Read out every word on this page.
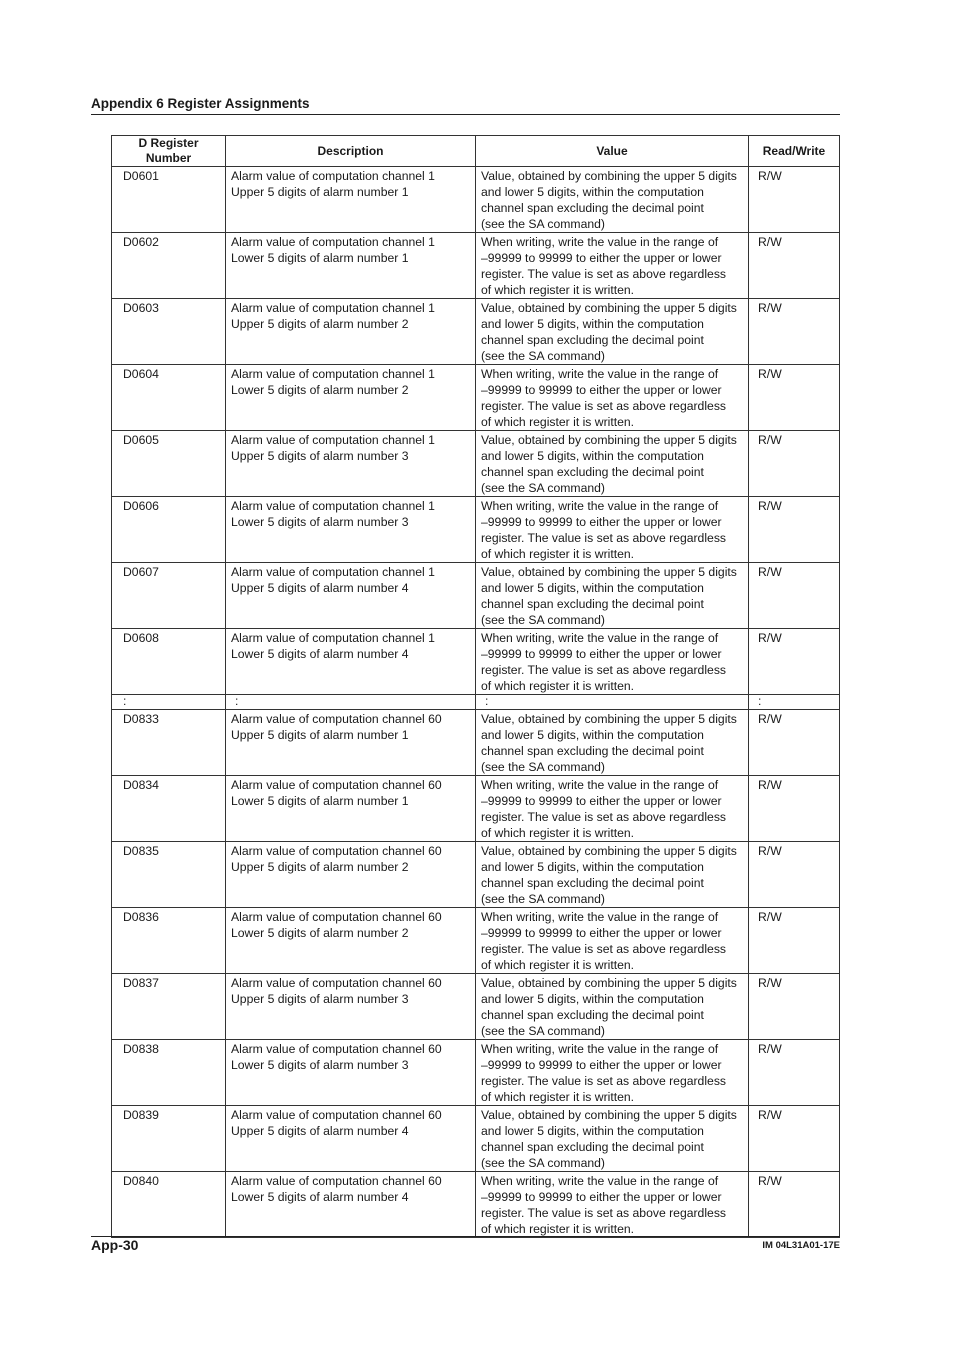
Appendix 6 Register Assignments
D Register
Number	Description	Value	Read/Write

D0601	Alarm value of computation channel 1
Upper 5 digits of alarm number 1	Value, obtained by combining the upper 5 digits
and lower 5 digits, within the computation
channel span excluding the decimal point
(see the SA command)	R/W

D0602	Alarm value of computation channel 1
Lower 5 digits of alarm number 1	When writing, write the value in the range of
–99999 to 99999 to either the upper or lower
register. The value is set as above regardless
of which register it is written.	R/W

D0603	Alarm value of computation channel 1
Upper 5 digits of alarm number 2	Value, obtained by combining the upper 5 digits
and lower 5 digits, within the computation
channel span excluding the decimal point
(see the SA command)	R/W

D0604	Alarm value of computation channel 1
Lower 5 digits of alarm number 2	When writing, write the value in the range of
–99999 to 99999 to either the upper or lower
register. The value is set as above regardless
of which register it is written.	R/W

D0605	Alarm value of computation channel 1
Upper 5 digits of alarm number 3	Value, obtained by combining the upper 5 digits
and lower 5 digits, within the computation
channel span excluding the decimal point
(see the SA command)	R/W

D0606	Alarm value of computation channel 1
Lower 5 digits of alarm number 3	When writing, write the value in the range of
–99999 to 99999 to either the upper or lower
register. The value is set as above regardless
of which register it is written.	R/W

D0607	Alarm value of computation channel 1
Upper 5 digits of alarm number 4	Value, obtained by combining the upper 5 digits
and lower 5 digits, within the computation
channel span excluding the decimal point
(see the SA command)	R/W

D0608	Alarm value of computation channel 1
Lower 5 digits of alarm number 4	When writing, write the value in the range of
–99999 to 99999 to either the upper or lower
register. The value is set as above regardless
of which register it is written.	R/W

:	:	:	:

D0833	Alarm value of computation channel 60
Upper 5 digits of alarm number 1	Value, obtained by combining the upper 5 digits
and lower 5 digits, within the computation
channel span excluding the decimal point
(see the SA command)	R/W

D0834	Alarm value of computation channel 60
Lower 5 digits of alarm number 1	When writing, write the value in the range of
–99999 to 99999 to either the upper or lower
register. The value is set as above regardless
of which register it is written.	R/W

D0835	Alarm value of computation channel 60
Upper 5 digits of alarm number 2	Value, obtained by combining the upper 5 digits
and lower 5 digits, within the computation
channel span excluding the decimal point
(see the SA command)	R/W

D0836	Alarm value of computation channel 60
Lower 5 digits of alarm number 2	When writing, write the value in the range of
–99999 to 99999 to either the upper or lower
register. The value is set as above regardless
of which register it is written.	R/W

D0837	Alarm value of computation channel 60
Upper 5 digits of alarm number 3	Value, obtained by combining the upper 5 digits
and lower 5 digits, within the computation
channel span excluding the decimal point
(see the SA command)	R/W

D0838	Alarm value of computation channel 60
Lower 5 digits of alarm number 3	When writing, write the value in the range of
–99999 to 99999 to either the upper or lower
register. The value is set as above regardless
of which register it is written.	R/W

D0839	Alarm value of computation channel 60
Upper 5 digits of alarm number 4	Value, obtained by combining the upper 5 digits
and lower 5 digits, within the computation
channel span excluding the decimal point
(see the SA command)	R/W

D0840	Alarm value of computation channel 60
Lower 5 digits of alarm number 4	When writing, write the value in the range of
–99999 to 99999 to either the upper or lower
register. The value is set as above regardless
of which register it is written.	R/W
App-30	IM 04L31A01-17E
